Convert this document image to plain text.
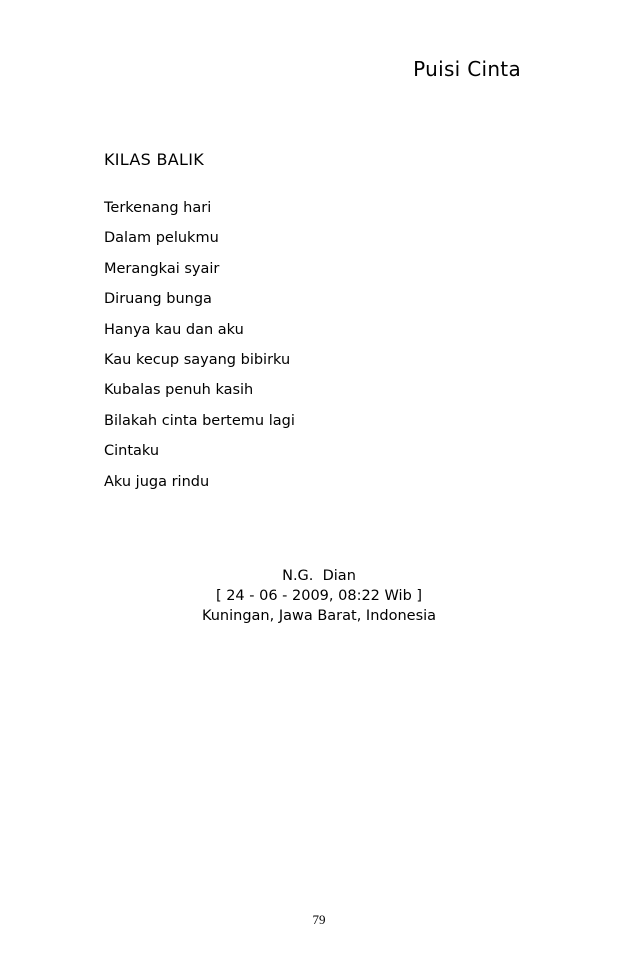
Puisi Cinta
KILAS BALIK
Terkenang hari
Dalam pelukmu
Merangkai syair
Diruang bunga
Hanya kau dan aku
Kau kecup sayang bibirku
Kubalas penuh kasih
Bilakah cinta bertemu lagi
Cintaku
Aku juga rindu
N.G.  Dian
[ 24 - 06 - 2009, 08:22 Wib ]
Kuningan, Jawa Barat, Indonesia
79
